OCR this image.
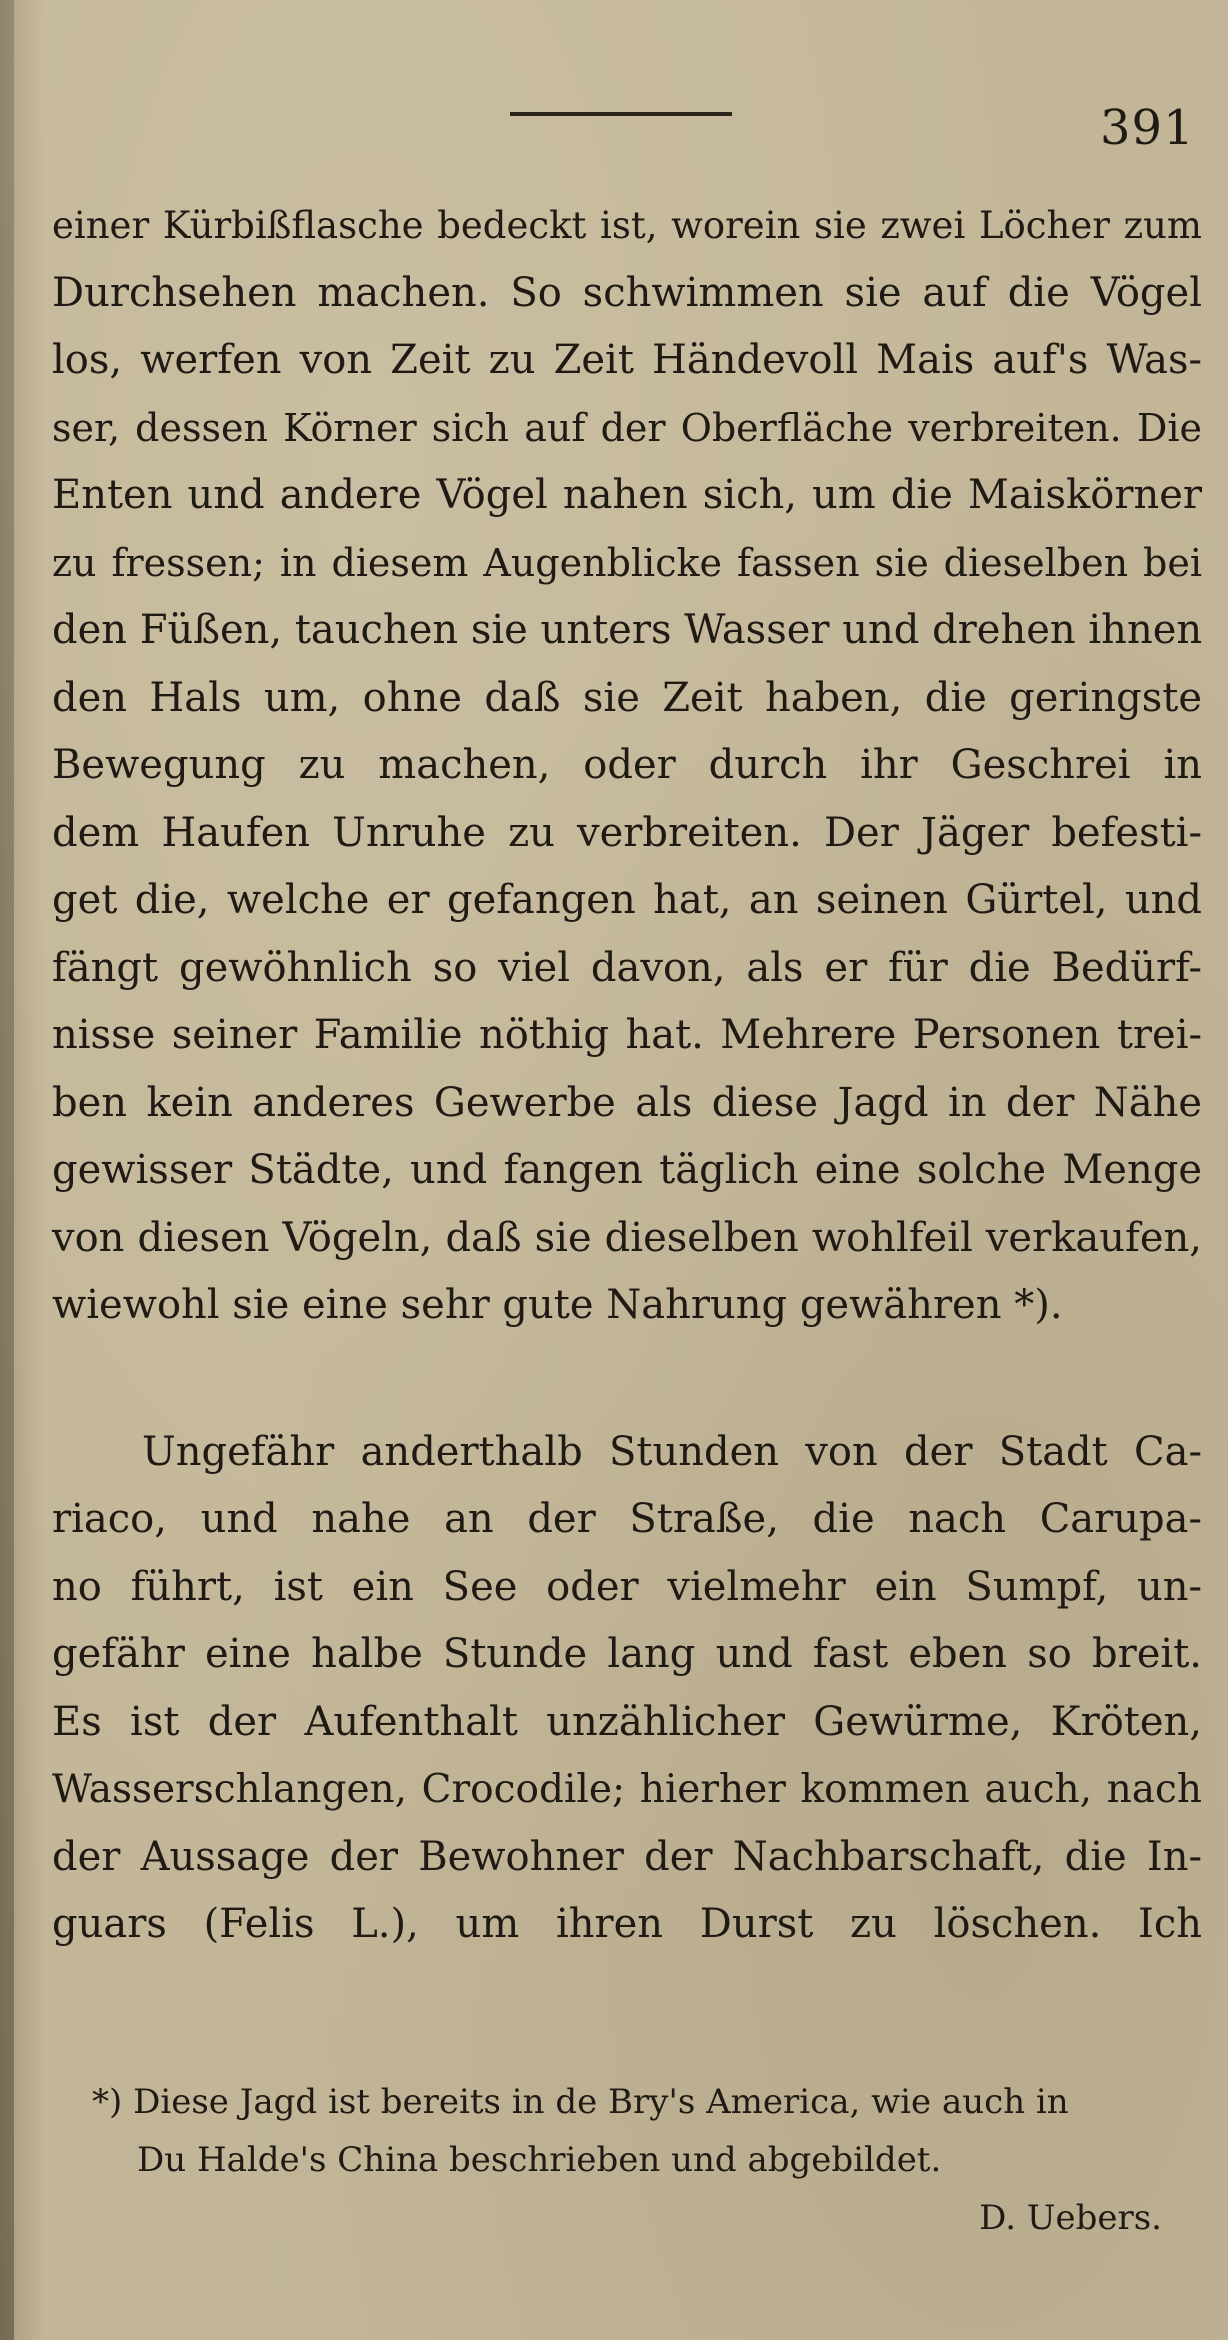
391
einer Kürbißflasche bedeckt ist, worein sie zwei Löcher zum
Durchsehen machen. So schwimmen sie auf die Vögel
los, werfen von Zeit zu Zeit Händevoll Mais auf's Was-
ser, dessen Körner sich auf der Oberfläche verbreiten. Die
Enten und andere Vögel nahen sich, um die Maiskörner
zu fressen; in diesem Augenblicke fassen sie dieselben bei
den Füßen, tauchen sie unters Wasser und drehen ihnen
den Hals um, ohne daß sie Zeit haben, die geringste
Bewegung zu machen, oder durch ihr Geschrei in
dem Haufen Unruhe zu verbreiten. Der Jäger befesti-
get die, welche er gefangen hat, an seinen Gürtel, und
fängt gewöhnlich so viel davon, als er für die Bedürf-
nisse seiner Familie nöthig hat. Mehrere Personen trei-
ben kein anderes Gewerbe als diese Jagd in der Nähe
gewisser Städte, und fangen täglich eine solche Menge
von diesen Vögeln, daß sie dieselben wohlfeil verkaufen,
wiewohl sie eine sehr gute Nahrung gewähren *).
Ungefähr anderthalb Stunden von der Stadt Ca-
riaco, und nahe an der Straße, die nach Carupa-
no führt, ist ein See oder vielmehr ein Sumpf, un-
gefähr eine halbe Stunde lang und fast eben so breit.
Es ist der Aufenthalt unzählicher Gewürme, Kröten,
Wasserschlangen, Crocodile; hierher kommen auch, nach
der Aussage der Bewohner der Nachbarschaft, die In-
guars (Felis L.), um ihren Durst zu löschen. Ich
*) Diese Jagd ist bereits in de Bry's America, wie auch in
Du Halde's China beschrieben und abgebildet.
D. Uebers.
